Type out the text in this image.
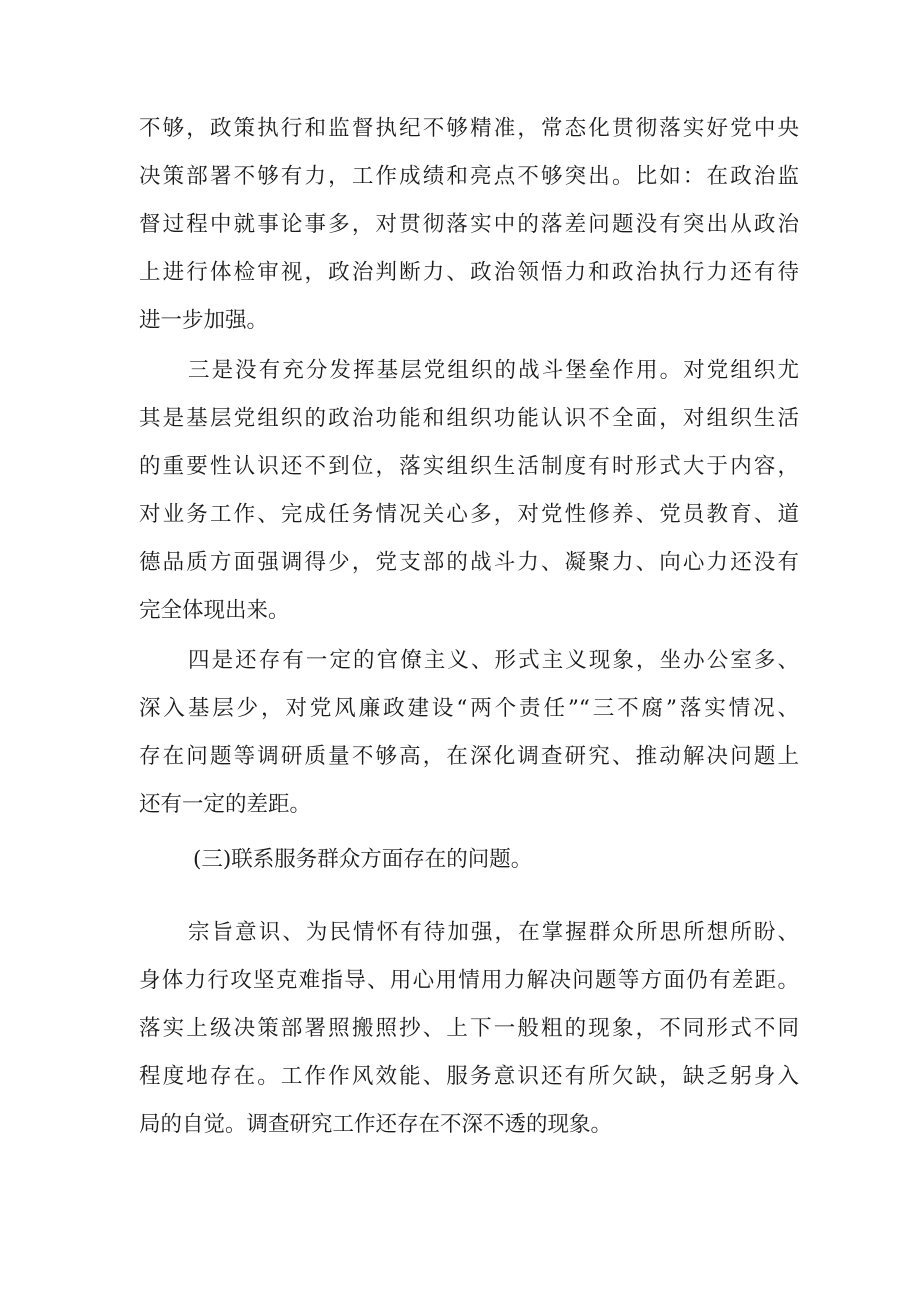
不够，政策执行和监督执纪不够精准，常态化贯彻落实好党中央

决策部署不够有力，工作成绩和亮点不够突出。比如：在政治监

督过程中就事论事多，对贯彻落实中的落差问题没有突出从政治

上进行体检审视，政治判断力、政治领悟力和政治执行力还有待

进一步加强。

三是没有充分发挥基层党组织的战斗堡垒作用。对党组织尤

其是基层党组织的政治功能和组织功能认识不全面，对组织生活

的重要性认识还不到位，落实组织生活制度有时形式大于内容，

对业务工作、完成任务情况关心多，对党性修养、党员教育、道

德品质方面强调得少，党支部的战斗力、凝聚力、向心力还没有

完全体现出来。

四是还存有一定的官僚主义、形式主义现象，坐办公室多、

深入基层少，对党风廉政建设“两个责任”“三不腐”落实情况、

存在问题等调研质量不够高，在深化调查研究、推动解决问题上

还有一定的差距。

(三)联系服务群众方面存在的问题。

宗旨意识、为民情怀有待加强，在掌握群众所思所想所盼、

身体力行攻坚克难指导、用心用情用力解决问题等方面仍有差距。

落实上级决策部署照搬照抄、上下一般粗的现象，不同形式不同

程度地存在。工作作风效能、服务意识还有所欠缺，缺乏躬身入

局的自觉。调查研究工作还存在不深不透的现象。
